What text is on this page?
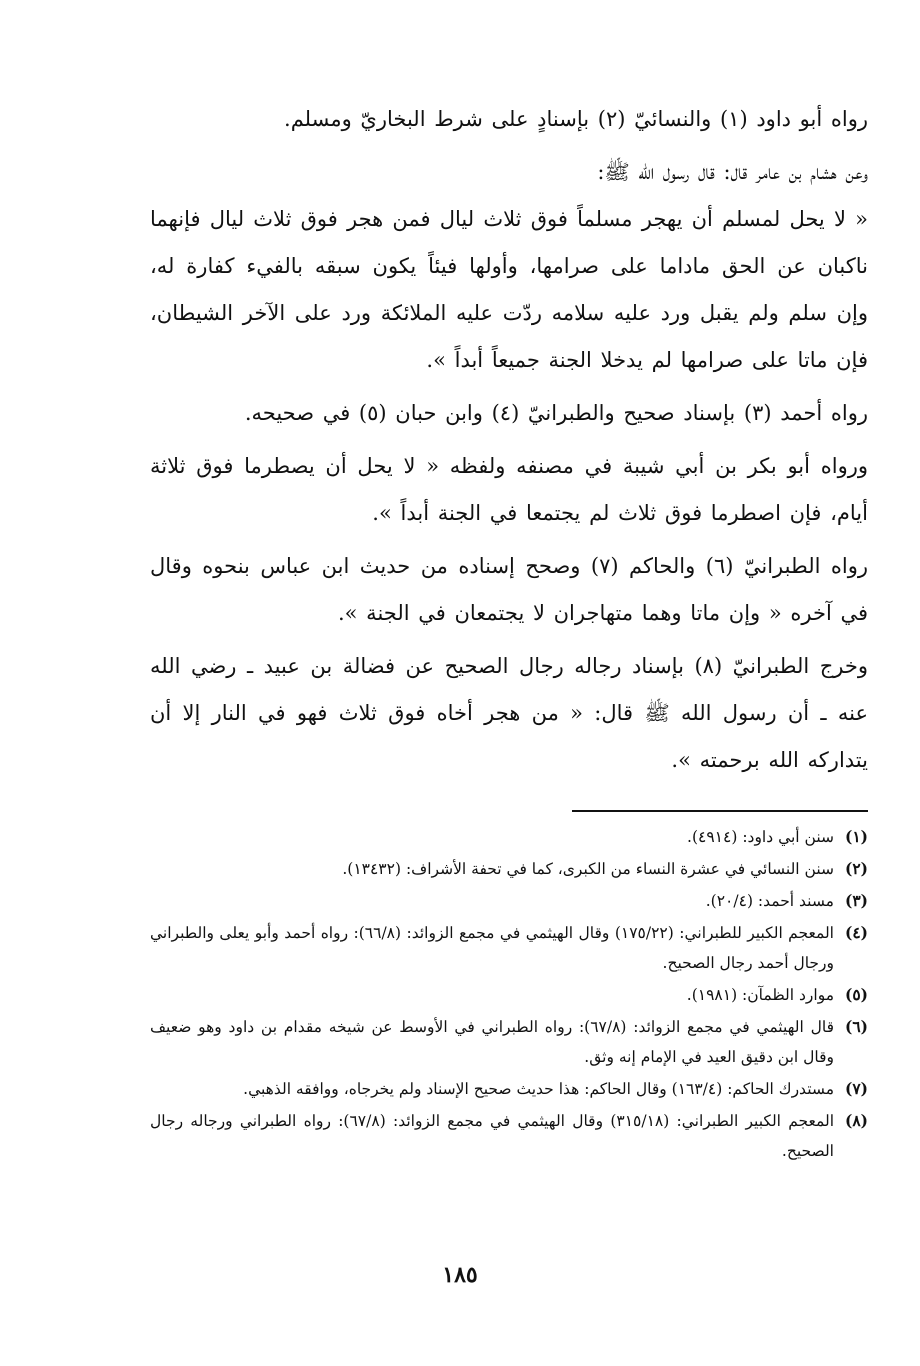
رواه أبو داود (١) والنسائيّ (٢) بإسنادٍ على شرط البخاريّ ومسلم.

وعن هشام بن عامر قال: قال رسول الله ﷺ:

« لا يحل لمسلم أن يهجر مسلماً فوق ثلاث ليال فمن هجر فوق ثلاث ليال فإنهما ناكبان عن الحق ماداما على صرامها، وأولها فيئاً يكون سبقه بالفيء كفارة له، وإن سلم ولم يقبل ورد عليه سلامه ردّت عليه الملائكة ورد على الآخر الشيطان، فإن ماتا على صرامها لم يدخلا الجنة جميعاً أبداً ».

رواه أحمد (٣) بإسناد صحيح والطبرانيّ (٤) وابن حبان (٥) في صحيحه.

ورواه أبو بكر بن أبي شيبة في مصنفه ولفظه « لا يحل أن يصطرما فوق ثلاثة أيام، فإن اصطرما فوق ثلاث لم يجتمعا في الجنة أبداً ».

رواه الطبرانيّ (٦) والحاكم (٧) وصحح إسناده من حديث ابن عباس بنحوه وقال في آخره « وإن ماتا وهما متهاجران لا يجتمعان في الجنة ».

وخرج الطبرانيّ (٨) بإسناد رجاله رجال الصحيح عن فضالة بن عبيد ـ رضي الله عنه ـ أن رسول الله ﷺ قال: « من هجر أخاه فوق ثلاث فهو في النار إلا أن يتداركه الله برحمته ».

(١)
سنن أبي داود: (٤٩١٤).
(٢)
سنن النسائي في عشرة النساء من الكبرى، كما في تحفة الأشراف: (١٣٤٣٢).
(٣)
مسند أحمد: (٢٠/٤).
(٤)
المعجم الكبير للطبراني: (١٧٥/٢٢) وقال الهيثمي في مجمع الزوائد: (٦٦/٨): رواه أحمد وأبو يعلى والطبراني ورجال أحمد رجال الصحيح.
(٥)
موارد الظمآن: (١٩٨١).
(٦)
قال الهيثمي في مجمع الزوائد: (٦٧/٨): رواه الطبراني في الأوسط عن شيخه مقدام بن داود وهو ضعيف وقال ابن دقيق العيد في الإمام إنه وثق.
(٧)
مستدرك الحاكم: (١٦٣/٤) وقال الحاكم: هذا حديث صحيح الإسناد ولم يخرجاه، ووافقه الذهبي.
(٨)
المعجم الكبير الطبراني: (٣١٥/١٨) وقال الهيثمي في مجمع الزوائد: (٦٧/٨): رواه الطبراني ورجاله رجال الصحيح.
١٨٥
